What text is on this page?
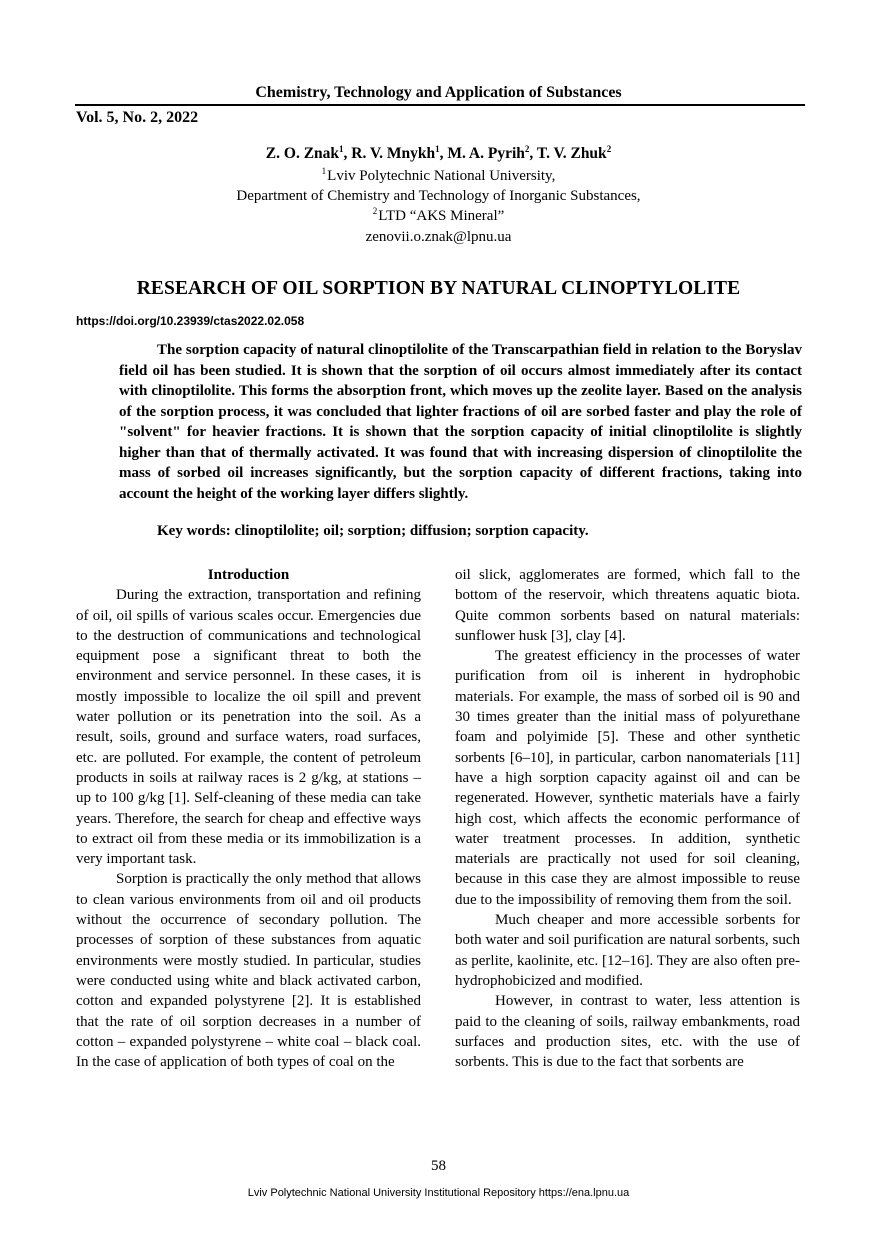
Chemistry, Technology and Application of Substances
Vol. 5, No. 2, 2022
Z. O. Znak$^1$, R. V. Mnykh$^1$, M. A. Pyrih$^2$, T. V. Zhuk$^2$
$^1$Lviv Polytechnic National University,
Department of Chemistry and Technology of Inorganic Substances,
$^2$LTD “AKS Mineral”
zenovii.o.znak@lpnu.ua
RESEARCH OF OIL SORPTION BY NATURAL CLINOPTYLOLITE
https://doi.org/10.23939/ctas2022.02.058

The sorption capacity of natural clinoptilolite of the Transcarpathian field in relation to the Boryslav field oil has been studied. It is shown that the sorption of oil occurs almost immediately after its contact with clinoptilolite. This forms the absorption front, which moves up the zeolite layer. Based on the analysis of the sorption process, it was concluded that lighter fractions of oil are sorbed faster and play the role of "solvent" for heavier fractions. It is shown that the sorption capacity of initial clinoptilolite is slightly higher than that of thermally activated. It was found that with increasing dispersion of clinoptilolite the mass of sorbed oil increases significantly, but the sorption capacity of different fractions, taking into account the height of the working layer differs slightly.

Key words: clinoptilolite; oil; sorption; diffusion; sorption capacity.

Introduction

During the extraction, transportation and refining of oil, oil spills of various scales occur. Emergencies due to the destruction of communications and technological equipment pose a significant threat to both the environment and service personnel. In these cases, it is mostly impossible to localize the oil spill and prevent water pollution or its penetration into the soil. As a result, soils, ground and surface waters, road surfaces, etc. are polluted. For example, the content of petroleum products in soils at railway races is 2 g/kg, at stations – up to 100 g/kg [1]. Self-cleaning of these media can take years. Therefore, the search for cheap and effective ways to extract oil from these media or its immobilization is a very important task.

Sorption is practically the only method that allows to clean various environments from oil and oil products without the occurrence of secondary pollution. The processes of sorption of these substances from aquatic environments were mostly studied. In particular, studies were conducted using white and black activated carbon, cotton and expanded polystyrene [2]. It is established that the rate of oil sorption decreases in a number of cotton – expanded polystyrene – white coal – black coal. In the case of application of both types of coal on the

oil slick, agglomerates are formed, which fall to the bottom of the reservoir, which threatens aquatic biota. Quite common sorbents based on natural materials: sunflower husk [3], clay [4].

The greatest efficiency in the processes of water purification from oil is inherent in hydrophobic materials. For example, the mass of sorbed oil is 90 and 30 times greater than the initial mass of polyurethane foam and polyimide [5]. These and other synthetic sorbents [6–10], in particular, carbon nanomaterials [11] have a high sorption capacity against oil and can be regenerated. However, synthetic materials have a fairly high cost, which affects the economic performance of water treatment processes. In addition, synthetic materials are practically not used for soil cleaning, because in this case they are almost impossible to reuse due to the impossibility of removing them from the soil.

Much cheaper and more accessible sorbents for both water and soil purification are natural sorbents, such as perlite, kaolinite, etc. [12–16]. They are also often pre-hydrophobicized and modified.

However, in contrast to water, less attention is paid to the cleaning of soils, railway embankments, road surfaces and production sites, etc. with the use of sorbents. This is due to the fact that sorbents are

58
Lviv Polytechnic National University Institutional Repository https://ena.lpnu.ua
